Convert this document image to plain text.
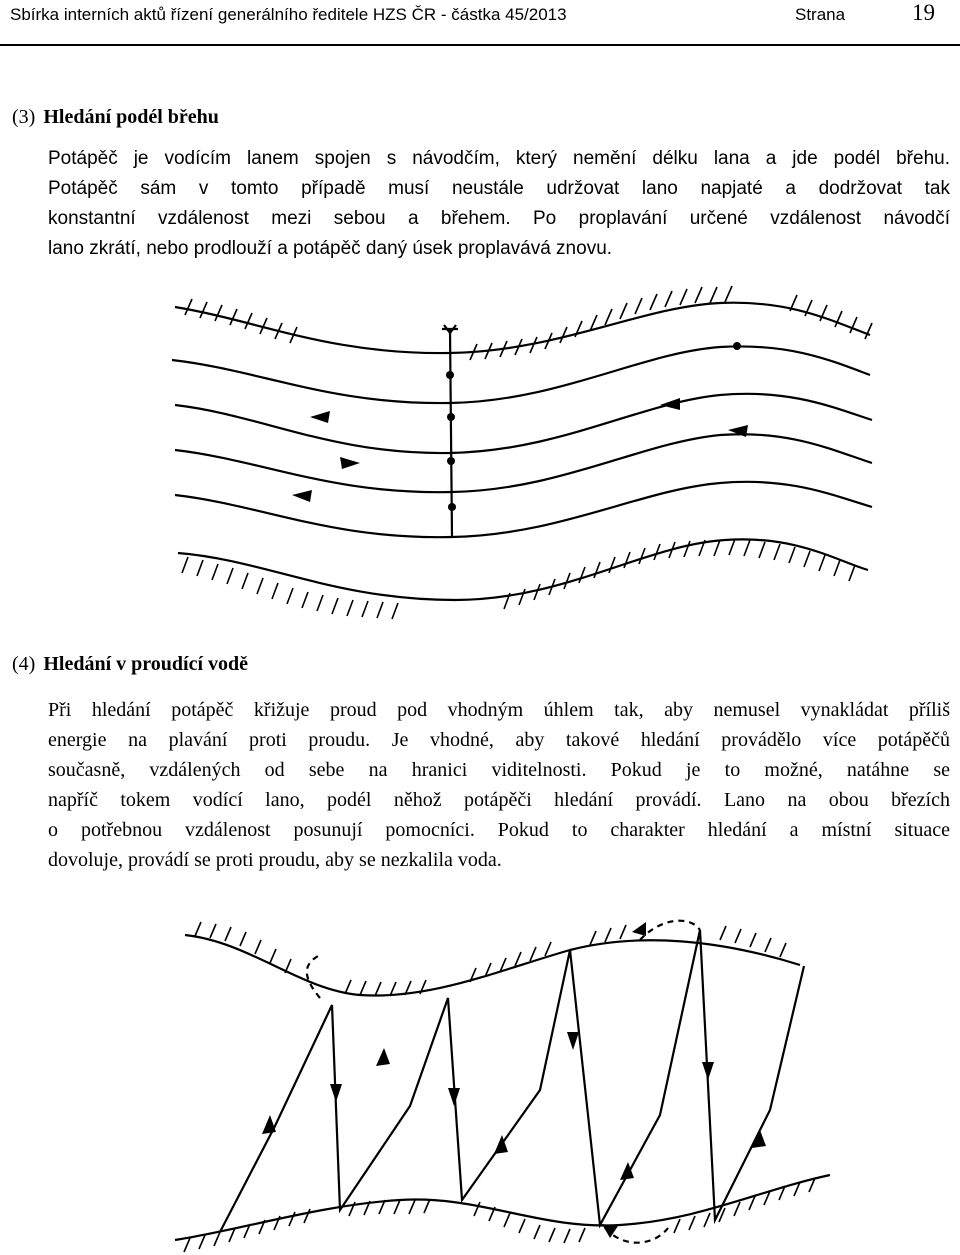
Sbírka interních aktů řízení generálního ředitele HZS ČR - částka 45/2013	Strana	19
(3) Hledání podél břehu
Potápěč je vodícím lanem spojen s návodčím, který nemění délku lana a jde podél břehu.
Potápěč sám v tomto případě musí neustále udržovat lano napjaté a dodržovat tak
konstantní vzdálenost mezi sebou a břehem. Po proplavání určené vzdálenost návodčí
lano zkrátí, nebo prodlouží a potápěč daný úsek proplavává znovu.
(4) Hledání v proudící vodě
Při hledání potápěč křižuje proud pod vhodným úhlem tak, aby nemusel vynakládat příliš
energie na plavání proti proudu. Je vhodné, aby takové hledání provádělo více potápěčů
současně, vzdálených od sebe na hranici viditelnosti. Pokud je to možné, natáhne se
napříč tokem vodící lano, podél něhož potápěči hledání provádí. Lano na obou březích
o potřebnou vzdálenost posunují pomocníci. Pokud to charakter hledání a místní situace
dovoluje, provádí se proti proudu, aby se nezkalila voda.
